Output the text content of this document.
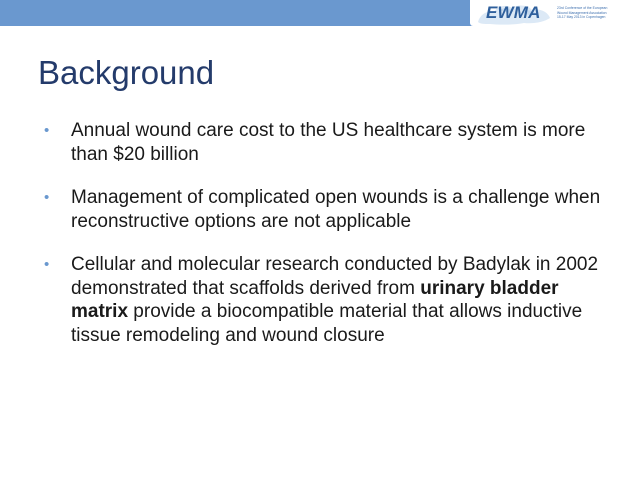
EWMA	23rd Conference of the European
Wound Management Association
15-17 May 2013 in Copenhagen
Background
• Annual wound care cost to the US healthcare system is more than $20 billion
• Management of complicated open wounds is a challenge when reconstructive options are not applicable
• Cellular and molecular research conducted by Badylak in 2002 demonstrated that scaffolds derived from urinary bladder matrix provide a biocompatible material that allows inductive tissue remodeling and wound closure
